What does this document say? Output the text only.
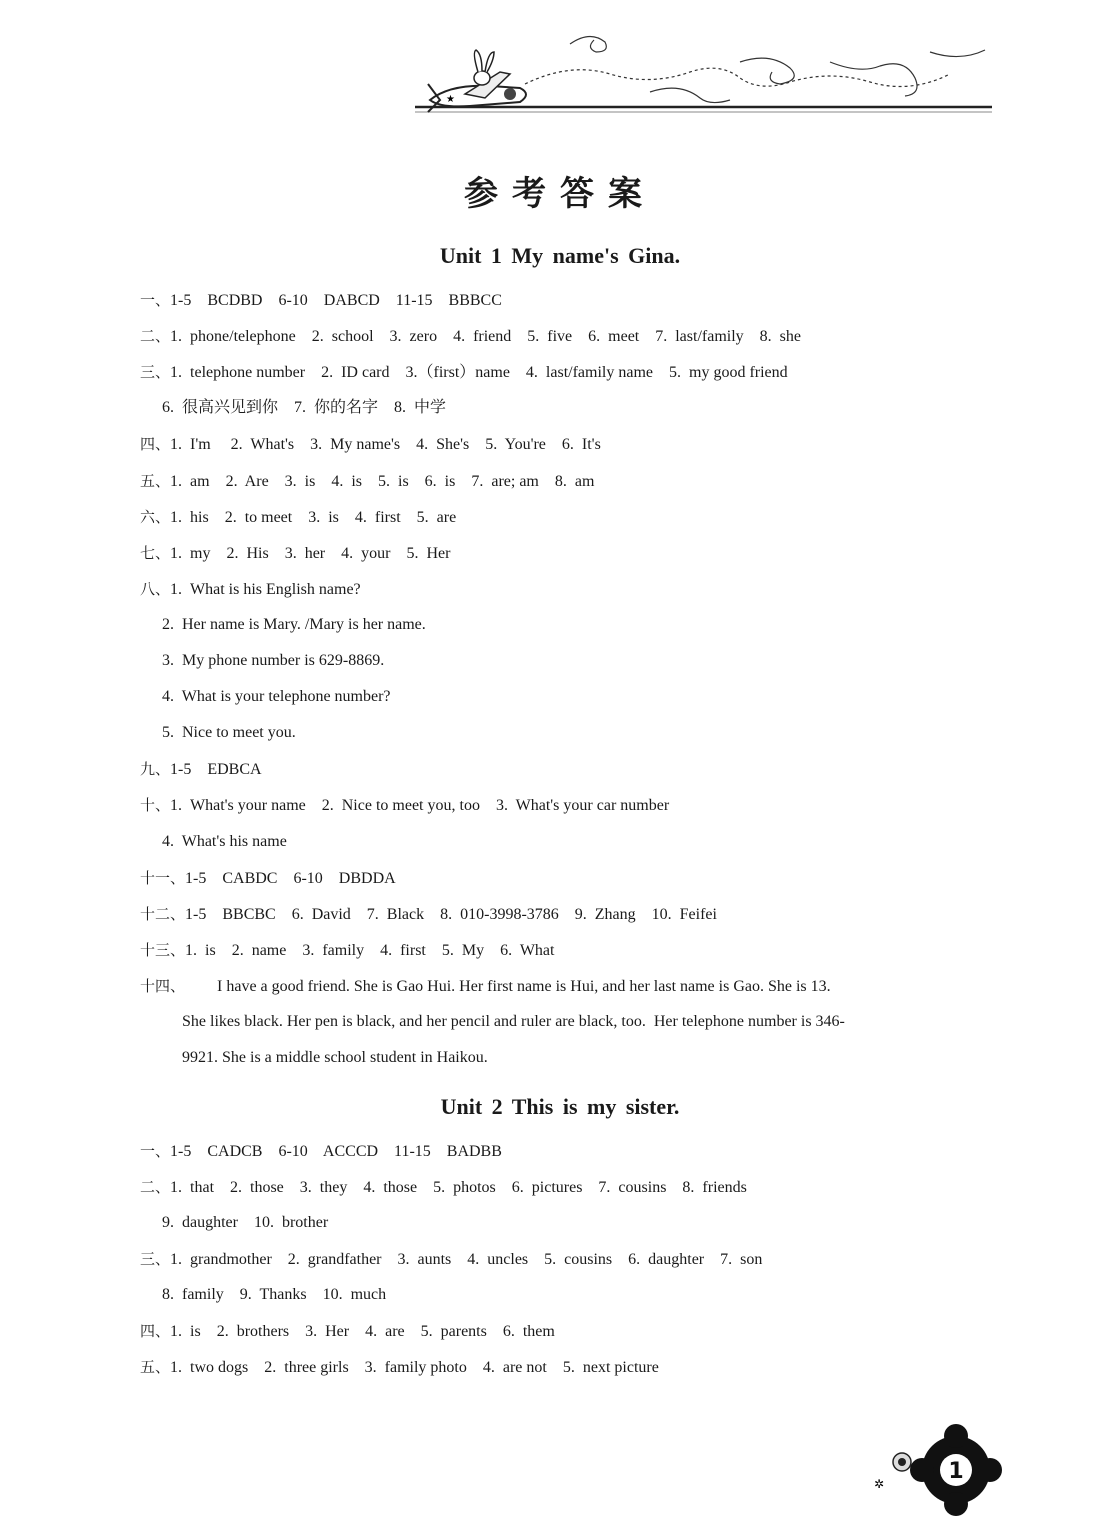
★
参考答案
Unit 1 My name's Gina.
一、1-5    BCDBD    6-10    DABCD    11-15    BBBCC
二、1.  phone/telephone    2.  school    3.  zero    4.  friend    5.  five    6.  meet    7.  last/family    8.  she
三、1.  telephone number    2.  ID card    3.（first）name    4.  last/family name    5.  my good friend
6.  很高兴见到你    7.  你的名字    8.  中学
四、1.  I'm     2.  What's    3.  My name's    4.  She's    5.  You're    6.  It's
五、1.  am    2.  Are    3.  is    4.  is    5.  is    6.  is    7.  are; am    8.  am
六、1.  his    2.  to meet    3.  is    4.  first    5.  are
七、1.  my    2.  His    3.  her    4.  your    5.  Her
八、1.  What is his English name?
2.  Her name is Mary. /Mary is her name.
3.  My phone number is 629-8869.
4.  What is your telephone number?
5.  Nice to meet you.
九、1-5    EDBCA
十、1.  What's your name    2.  Nice to meet you, too    3.  What's your car number
4.  What's his name
十一、1-5    CABDC    6-10    DBDDA
十二、1-5    BBCBC    6.  David    7.  Black    8.  010-3998-3786    9.  Zhang    10.  Feifei
十三、1.  is    2.  name    3.  family    4.  first    5.  My    6.  What
十四、        I have a good friend. She is Gao Hui. Her first name is Hui, and her last name is Gao. She is 13.
She likes black. Her pen is black, and her pencil and ruler are black, too.  Her telephone number is 346-
9921. She is a middle school student in Haikou.
Unit 2 This is my sister.
一、1-5    CADCB    6-10    ACCCD    11-15    BADBB
二、1.  that    2.  those    3.  they    4.  those    5.  photos    6.  pictures    7.  cousins    8.  friends
9.  daughter    10.  brother
三、1.  grandmother    2.  grandfather    3.  aunts    4.  uncles    5.  cousins    6.  daughter    7.  son
8.  family    9.  Thanks    10.  much
四、1.  is    2.  brothers    3.  Her    4.  are    5.  parents    6.  them
五、1.  two dogs    2.  three girls    3.  family photo    4.  are not    5.  next picture
✲	1
